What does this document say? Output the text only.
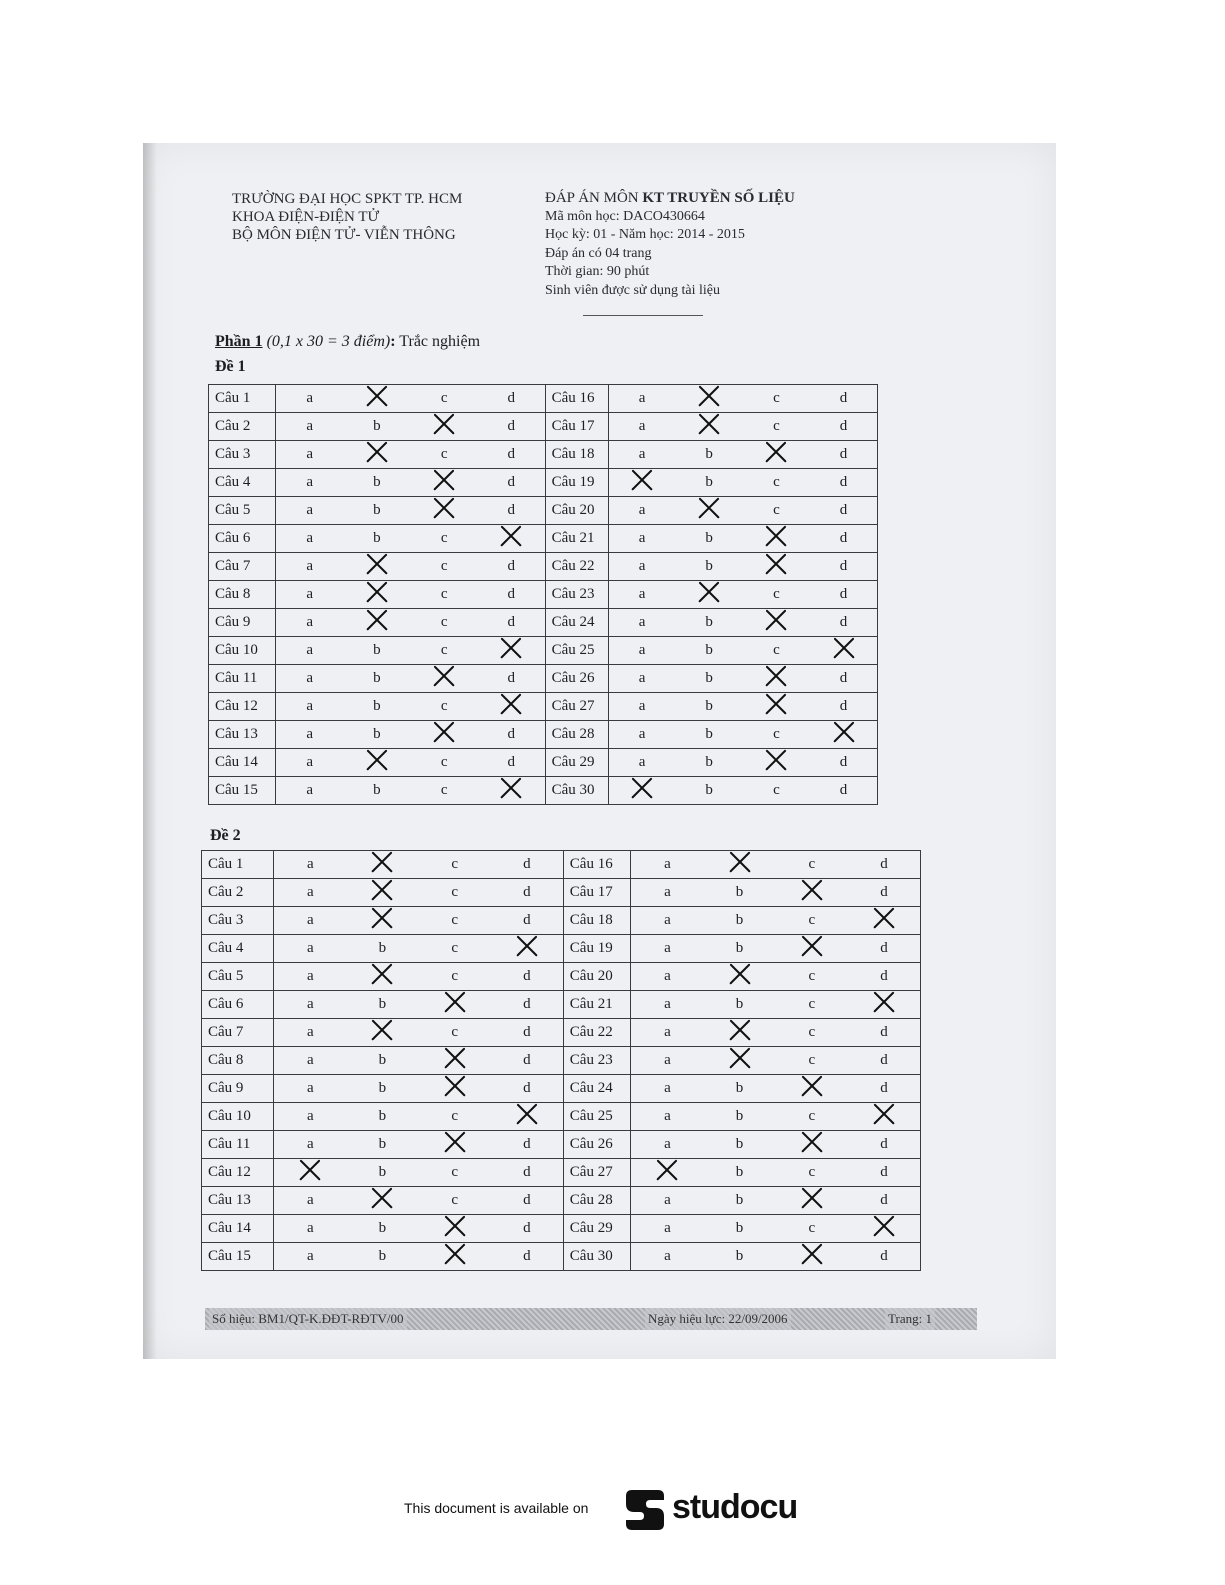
TRƯỜNG ĐẠI HỌC SPKT TP. HCM
KHOA ĐIỆN-ĐIỆN TỬ
BỘ MÔN ĐIỆN TỬ- VIỄN THÔNG
ĐÁP ÁN MÔN KT TRUYỀN SỐ LIỆU
Mã môn học: DACO430664
Học kỳ: 01 - Năm học: 2014 - 2015
Đáp án có 04 trang
Thời gian: 90 phút
Sinh viên được sử dụng tài liệu
Phần 1 (0,1 x 30 = 3 điểm): Trắc nghiệm
Đề 1
Câu 1	a		c	d	Câu 16	a		c	d
Câu 2	a	b		d	Câu 17	a		c	d
Câu 3	a		c	d	Câu 18	a	b		d
Câu 4	a	b		d	Câu 19		b	c	d
Câu 5	a	b		d	Câu 20	a		c	d
Câu 6	a	b	c		Câu 21	a	b		d
Câu 7	a		c	d	Câu 22	a	b		d
Câu 8	a		c	d	Câu 23	a		c	d
Câu 9	a		c	d	Câu 24	a	b		d
Câu 10	a	b	c		Câu 25	a	b	c	
Câu 11	a	b		d	Câu 26	a	b		d
Câu 12	a	b	c		Câu 27	a	b		d
Câu 13	a	b		d	Câu 28	a	b	c	
Câu 14	a		c	d	Câu 29	a	b		d
Câu 15	a	b	c		Câu 30		b	c	d
Đề 2
Câu 1	a		c	d	Câu 16	a		c	d
Câu 2	a		c	d	Câu 17	a	b		d
Câu 3	a		c	d	Câu 18	a	b	c	
Câu 4	a	b	c		Câu 19	a	b		d
Câu 5	a		c	d	Câu 20	a		c	d
Câu 6	a	b		d	Câu 21	a	b	c	
Câu 7	a		c	d	Câu 22	a		c	d
Câu 8	a	b		d	Câu 23	a		c	d
Câu 9	a	b		d	Câu 24	a	b		d
Câu 10	a	b	c		Câu 25	a	b	c	
Câu 11	a	b		d	Câu 26	a	b		d
Câu 12		b	c	d	Câu 27		b	c	d
Câu 13	a		c	d	Câu 28	a	b		d
Câu 14	a	b		d	Câu 29	a	b	c	
Câu 15	a	b		d	Câu 30	a	b		d
Số hiệu: BM1/QT-K.ĐĐT-RĐTV/00	Ngày hiệu lực: 22/09/2006	Trang: 1
This document is available on studocu
